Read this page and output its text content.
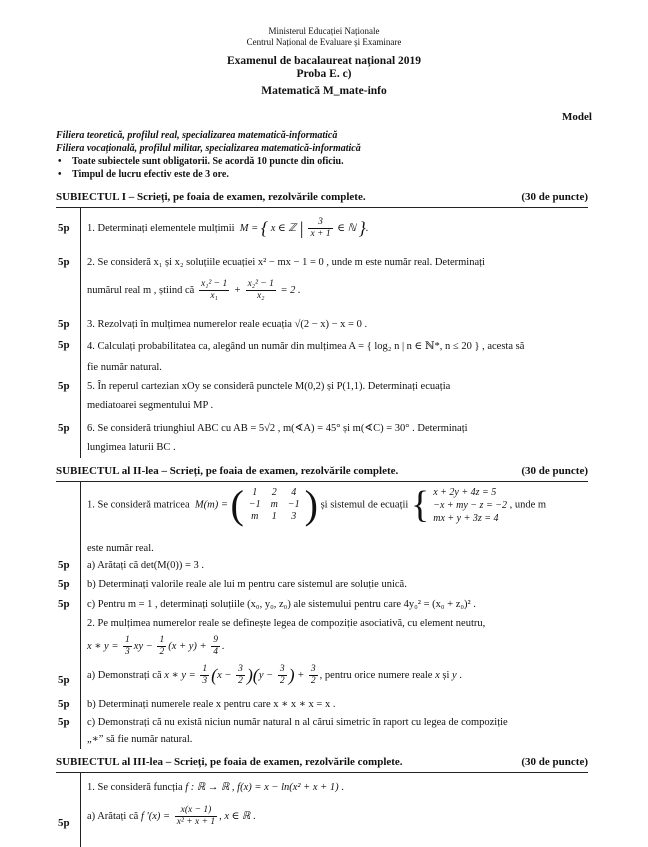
Ministerul Educației Naționale
Centrul Național de Evaluare și Examinare
Examenul de bacalaureat național 2019
Proba E. c)
Matematică M_mate-info
Model
Filiera teoretică, profilul real, specializarea matematică-informatică
Filiera vocațională, profilul militar, specializarea matematică-informatică
• Toate subiectele sunt obligatorii. Se acordă 10 puncte din oficiu.
• Timpul de lucru efectiv este de 3 ore.
SUBIECTUL I – Scrieți, pe foaia de examen, rezolvările complete.	(30 de puncte)
5p 1. Determinați elementele mulțimii  M = { x ∈ ℤ | $\frac{3}{x + 1}$ ∈ ℕ }.
5p 2. Se consideră x₁ și x₂ soluțiile ecuației x² − mx − 1 = 0 , unde m este număr real. Determinați
numărul real m , știind că $\frac{\text{x₁² − 1}}{\text{x₁}} + \frac{\text{x₂² − 1}}{\text{x₂}} = 2$ .
5p 3. Rezolvați în mulțimea numerelor reale ecuația √(2 − x) − x = 0 .
5p 4. Calculați probabilitatea ca, alegând un număr din mulțimea A = { log₂ n | n ∈ ℕ*, n ≤ 20 } , acesta să
fie număr natural.
5p 5. În reperul cartezian xOy se consideră punctele M(0,2) și P(1,1). Determinați ecuația
mediatoarei segmentului MP .
5p 6. Se consideră triunghiul ABC cu AB = 5√2 , m(∢A) = 45° și m(∢C) = 30° . Determinați
lungimea laturii BC .
SUBIECTUL al II-lea – Scrieți, pe foaia de examen, rezolvările complete.	(30 de puncte)
1. Se consideră matricea  M(m) = ( 1	2	4
−1	m	−1
m	1	3 ) și sistemul de ecuații { x + 2y + 4z = 5
−x + my − z = −2
mx + y + 3z = 4
, unde m
este număr real.
5p a) Arătați că det(M(0)) = 3 .
5p b) Determinați valorile reale ale lui m pentru care sistemul are soluție unică.
5p c) Pentru m = 1 , determinați soluțiile (x₀, y₀, z₀) ale sistemului pentru care 4y₀² = (x₀ + z₀)² .
2. Pe mulțimea numerelor reale se definește legea de compoziție asociativă, cu element neutru,
x ∗ $y = \frac{1}{3}$ xy − $\frac{1}{2} (x + y) + \frac{9}{4}$ .
5p a) Demonstrați că x ∗ $y = \frac{1}{3} (x - \frac{3}{2} )(y - \frac{3}{2}$ ) + $\frac{3}{2}$ , pentru orice numere reale x și y .
5p b) Determinați numerele reale x pentru care x ∗ x ∗ x = x .
5p c) Demonstrați că nu există niciun număr natural n al cărui simetric în raport cu legea de compoziție
„∗” să fie număr natural.
SUBIECTUL al III-lea – Scrieți, pe foaia de examen, rezolvările complete.	(30 de puncte)
1. Se consideră funcția f : ℝ → ℝ , f(x) = x − ln(x² + x + 1) .
5p
a) Arătați că f $'(x) = \frac{x(x - 1)}{\text{x² + x + 1}}$ , x ∈ ℝ .
